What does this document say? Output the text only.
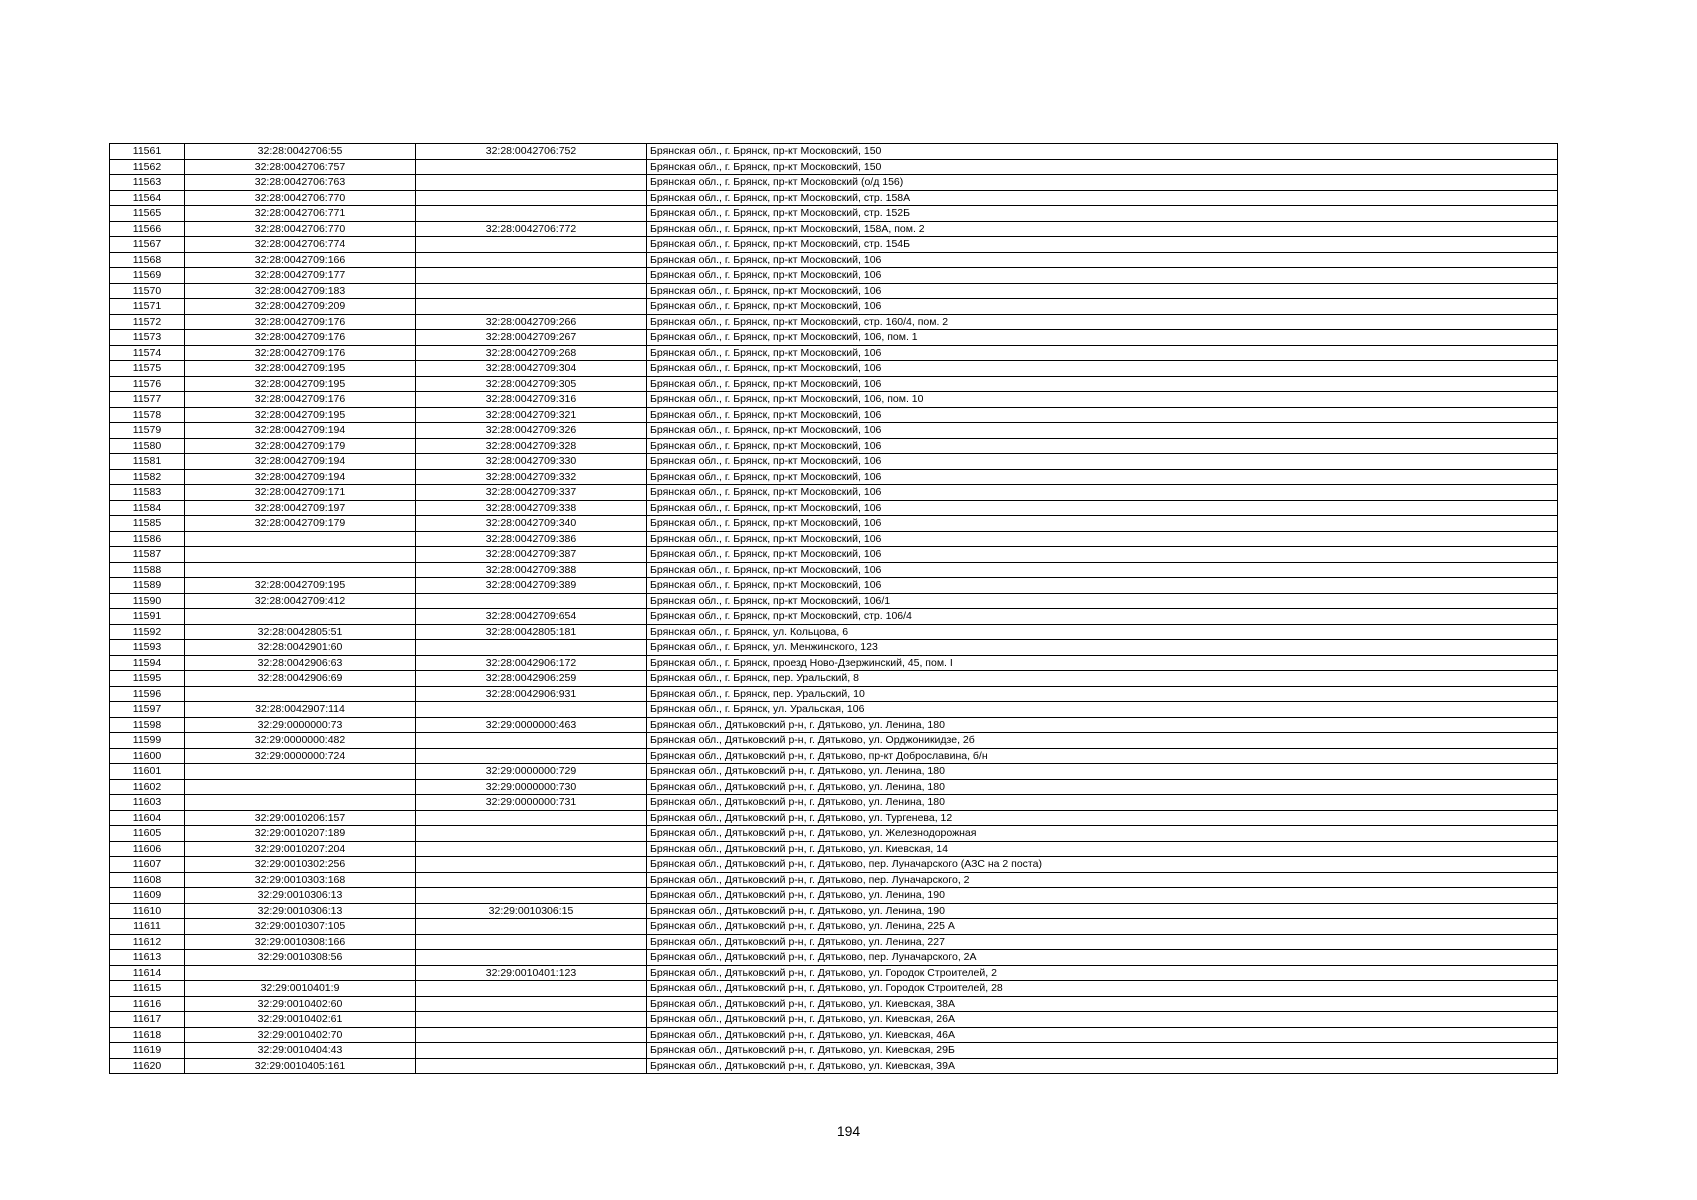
11561	32:28:0042706:55	32:28:0042706:752	Брянская обл., г. Брянск, пр-кт Московский, 150
11562	32:28:0042706:757		Брянская обл., г. Брянск, пр-кт Московский, 150
11563	32:28:0042706:763		Брянская обл., г. Брянск, пр-кт Московский (о/д 156)
11564	32:28:0042706:770		Брянская обл., г. Брянск, пр-кт Московский, стр. 158А
11565	32:28:0042706:771		Брянская обл., г. Брянск, пр-кт Московский, стр. 152Б
11566	32:28:0042706:770	32:28:0042706:772	Брянская обл., г. Брянск, пр-кт Московский, 158А, пом. 2
11567	32:28:0042706:774		Брянская обл., г. Брянск, пр-кт Московский, стр. 154Б
11568	32:28:0042709:166		Брянская обл., г. Брянск, пр-кт Московский, 106
11569	32:28:0042709:177		Брянская обл., г. Брянск, пр-кт Московский, 106
11570	32:28:0042709:183		Брянская обл., г. Брянск, пр-кт Московский, 106
11571	32:28:0042709:209		Брянская обл., г. Брянск, пр-кт Московский, 106
11572	32:28:0042709:176	32:28:0042709:266	Брянская обл., г. Брянск, пр-кт Московский, стр. 160/4, пом. 2
11573	32:28:0042709:176	32:28:0042709:267	Брянская обл., г. Брянск, пр-кт Московский, 106, пом. 1
11574	32:28:0042709:176	32:28:0042709:268	Брянская обл., г. Брянск, пр-кт Московский, 106
11575	32:28:0042709:195	32:28:0042709:304	Брянская обл., г. Брянск, пр-кт Московский, 106
11576	32:28:0042709:195	32:28:0042709:305	Брянская обл., г. Брянск, пр-кт Московский, 106
11577	32:28:0042709:176	32:28:0042709:316	Брянская обл., г. Брянск, пр-кт Московский, 106, пом. 10
11578	32:28:0042709:195	32:28:0042709:321	Брянская обл., г. Брянск, пр-кт Московский, 106
11579	32:28:0042709:194	32:28:0042709:326	Брянская обл., г. Брянск, пр-кт Московский, 106
11580	32:28:0042709:179	32:28:0042709:328	Брянская обл., г. Брянск, пр-кт Московский, 106
11581	32:28:0042709:194	32:28:0042709:330	Брянская обл., г. Брянск, пр-кт Московский, 106
11582	32:28:0042709:194	32:28:0042709:332	Брянская обл., г. Брянск, пр-кт Московский, 106
11583	32:28:0042709:171	32:28:0042709:337	Брянская обл., г. Брянск, пр-кт Московский, 106
11584	32:28:0042709:197	32:28:0042709:338	Брянская обл., г. Брянск, пр-кт Московский, 106
11585	32:28:0042709:179	32:28:0042709:340	Брянская обл., г. Брянск, пр-кт Московский, 106
11586		32:28:0042709:386	Брянская обл., г. Брянск, пр-кт Московский, 106
11587		32:28:0042709:387	Брянская обл., г. Брянск, пр-кт Московский, 106
11588		32:28:0042709:388	Брянская обл., г. Брянск, пр-кт Московский, 106
11589	32:28:0042709:195	32:28:0042709:389	Брянская обл., г. Брянск, пр-кт Московский, 106
11590	32:28:0042709:412		Брянская обл., г. Брянск, пр-кт Московский, 106/1
11591		32:28:0042709:654	Брянская обл., г. Брянск, пр-кт Московский, стр. 106/4
11592	32:28:0042805:51	32:28:0042805:181	Брянская обл., г. Брянск, ул. Кольцова, 6
11593	32:28:0042901:60		Брянская обл., г. Брянск, ул. Менжинского, 123
11594	32:28:0042906:63	32:28:0042906:172	Брянская обл., г. Брянск, проезд Ново-Дзержинский, 45, пом. I
11595	32:28:0042906:69	32:28:0042906:259	Брянская обл., г. Брянск, пер. Уральский, 8
11596		32:28:0042906:931	Брянская обл., г. Брянск, пер. Уральский, 10
11597	32:28:0042907:114		Брянская обл., г. Брянск, ул. Уральская, 106
11598	32:29:0000000:73	32:29:0000000:463	Брянская обл., Дятьковский р-н, г. Дятьково, ул. Ленина, 180
11599	32:29:0000000:482		Брянская обл., Дятьковский р-н, г. Дятьково, ул. Орджоникидзе, 2б
11600	32:29:0000000:724		Брянская обл., Дятьковский р-н, г. Дятьково, пр-кт Доброславина, б/н
11601		32:29:0000000:729	Брянская обл., Дятьковский р-н, г. Дятьково, ул. Ленина, 180
11602		32:29:0000000:730	Брянская обл., Дятьковский р-н, г. Дятьково, ул. Ленина, 180
11603		32:29:0000000:731	Брянская обл., Дятьковский р-н, г. Дятьково, ул. Ленина, 180
11604	32:29:0010206:157		Брянская обл., Дятьковский р-н, г. Дятьково, ул. Тургенева, 12
11605	32:29:0010207:189		Брянская обл., Дятьковский р-н, г. Дятьково, ул. Железнодорожная
11606	32:29:0010207:204		Брянская обл., Дятьковский р-н, г. Дятьково, ул. Киевская, 14
11607	32:29:0010302:256		Брянская обл., Дятьковский р-н, г. Дятьково, пер. Луначарского (АЗС на 2 поста)
11608	32:29:0010303:168		Брянская обл., Дятьковский р-н, г. Дятьково, пер. Луначарского, 2
11609	32:29:0010306:13		Брянская обл., Дятьковский р-н, г. Дятьково, ул. Ленина, 190
11610	32:29:0010306:13	32:29:0010306:15	Брянская обл., Дятьковский р-н, г. Дятьково, ул. Ленина, 190
11611	32:29:0010307:105		Брянская обл., Дятьковский р-н, г. Дятьково, ул. Ленина, 225 А
11612	32:29:0010308:166		Брянская обл., Дятьковский р-н, г. Дятьково, ул. Ленина, 227
11613	32:29:0010308:56		Брянская обл., Дятьковский р-н, г. Дятьково, пер. Луначарского, 2А
11614		32:29:0010401:123	Брянская обл., Дятьковский р-н, г. Дятьково, ул. Городок Строителей, 2
11615	32:29:0010401:9		Брянская обл., Дятьковский р-н, г. Дятьково, ул. Городок Строителей, 28
11616	32:29:0010402:60		Брянская обл., Дятьковский р-н, г. Дятьково, ул. Киевская, 38А
11617	32:29:0010402:61		Брянская обл., Дятьковский р-н, г. Дятьково, ул. Киевская, 26А
11618	32:29:0010402:70		Брянская обл., Дятьковский р-н, г. Дятьково, ул. Киевская, 46А
11619	32:29:0010404:43		Брянская обл., Дятьковский р-н, г. Дятьково, ул. Киевская, 29Б
11620	32:29:0010405:161		Брянская обл., Дятьковский р-н, г. Дятьково, ул. Киевская, 39А
194
